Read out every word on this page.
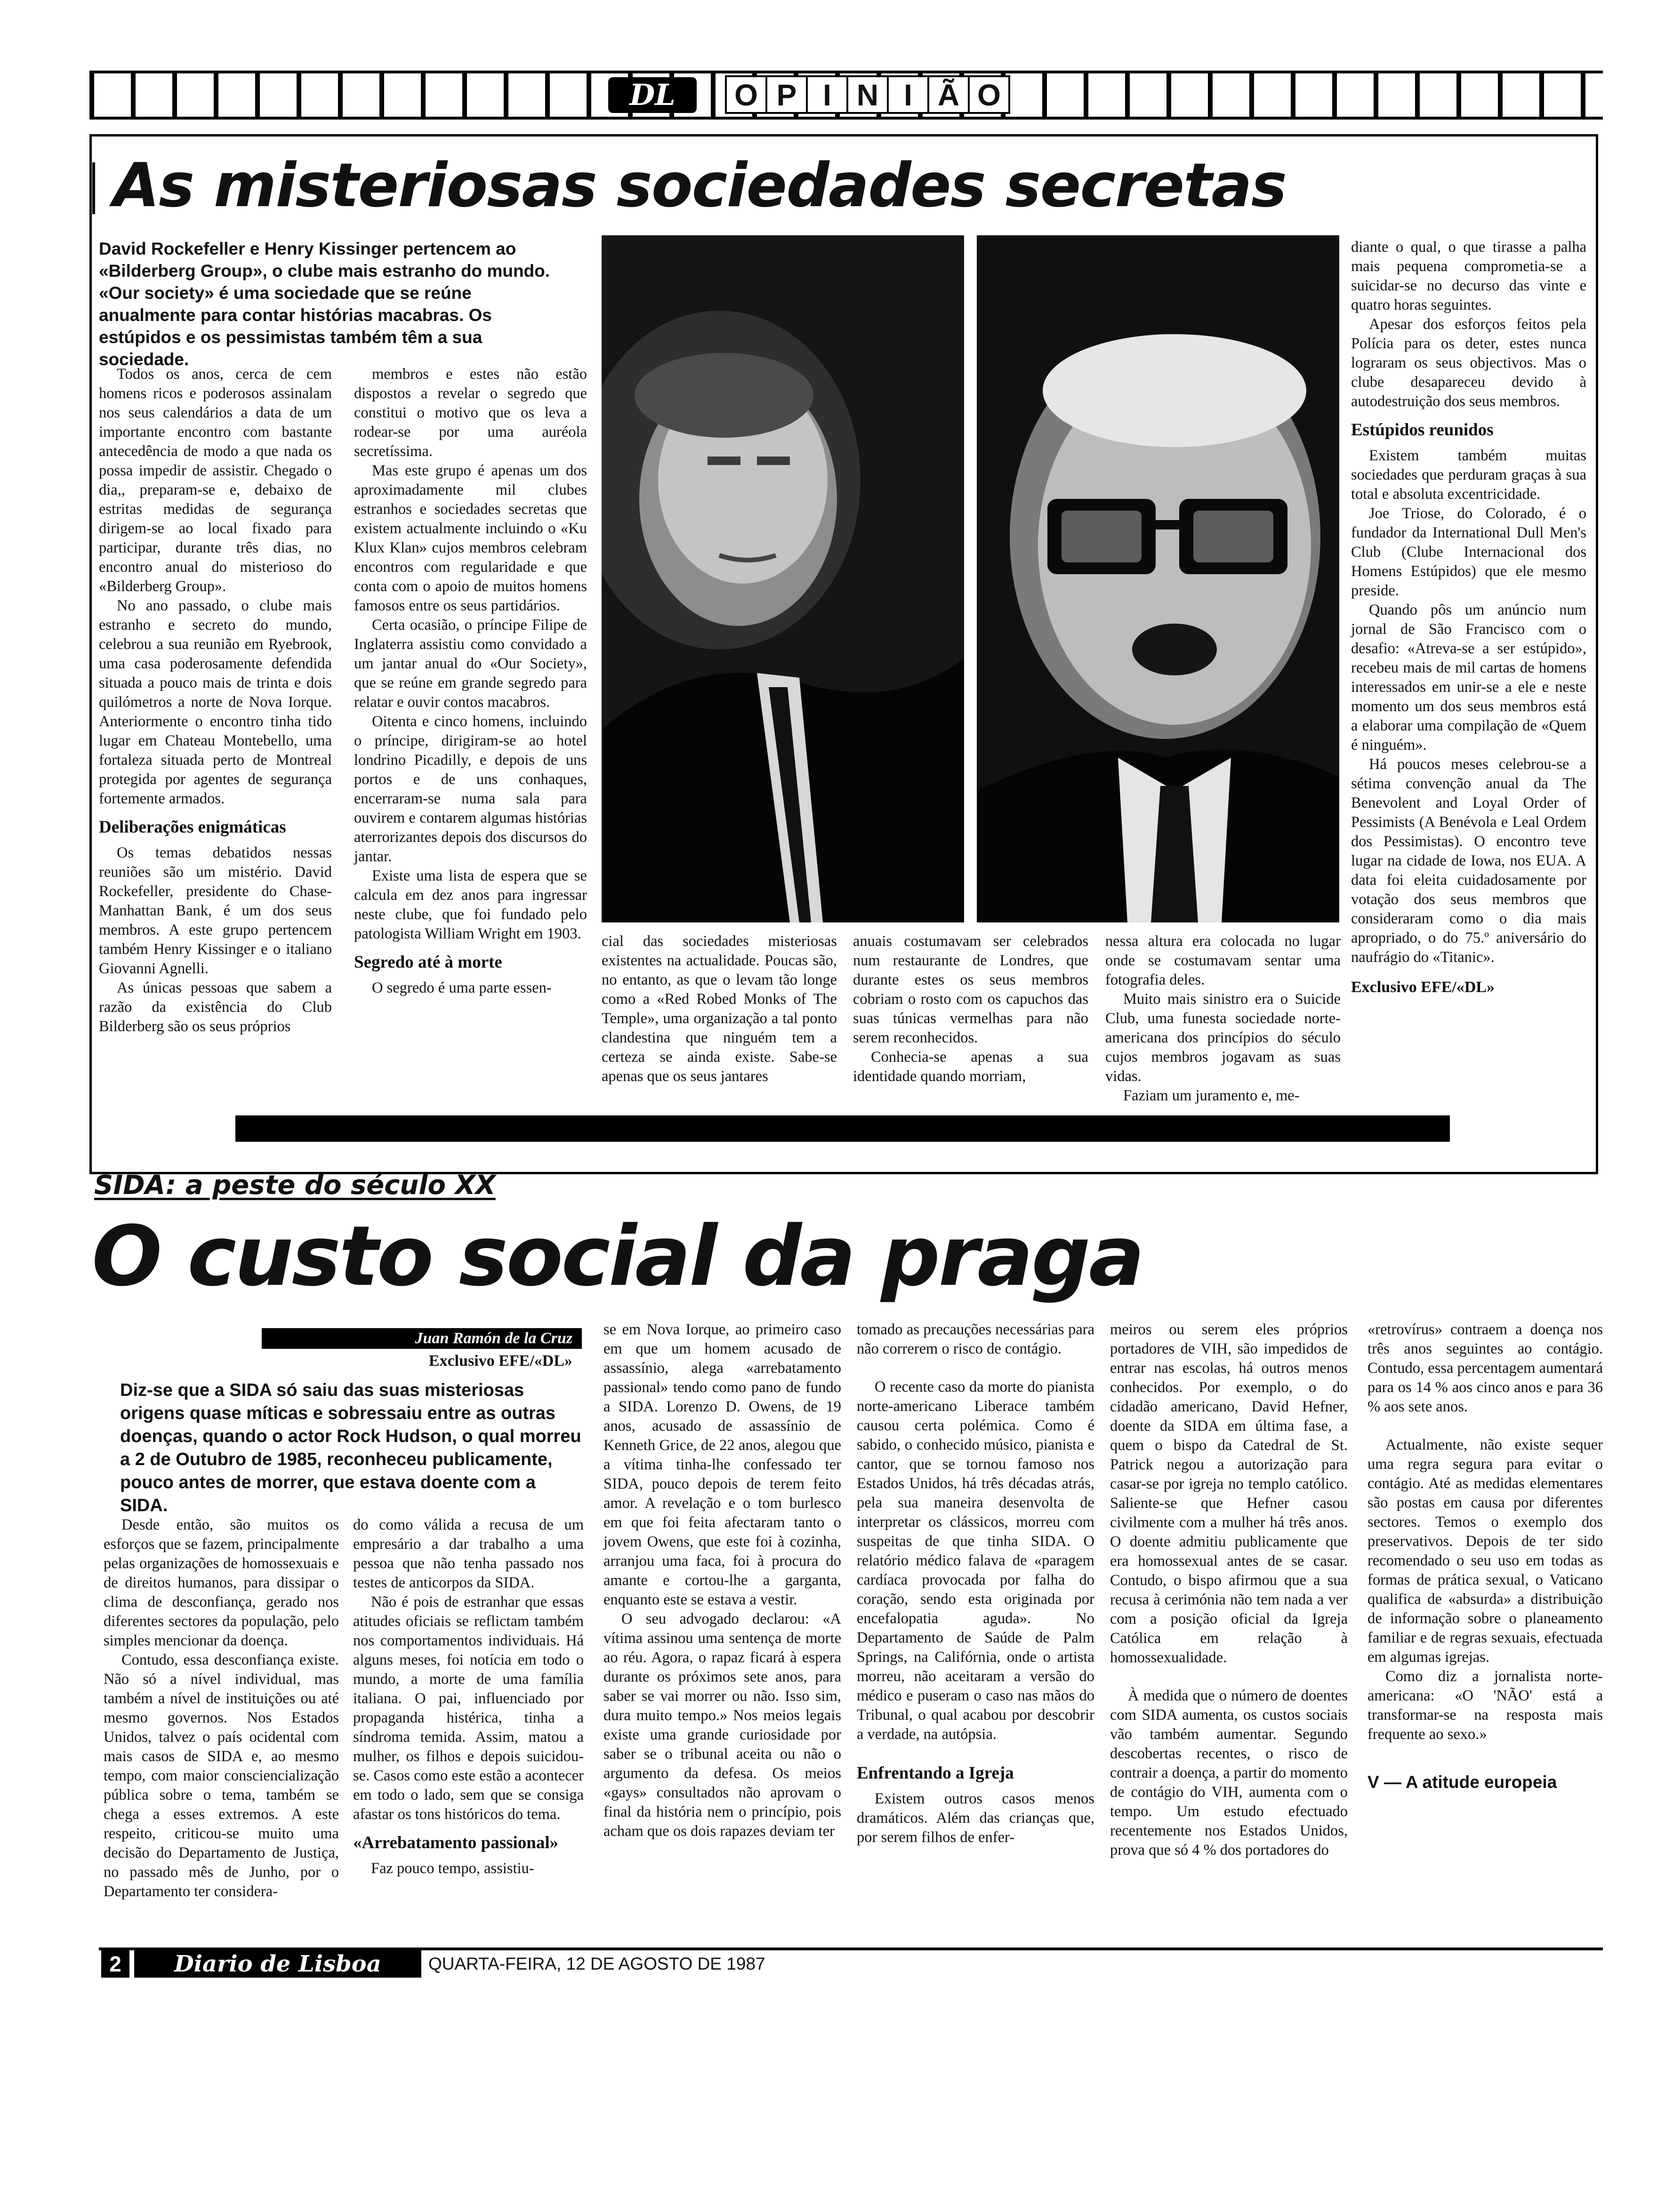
DL	O P I N I Ã O
As misteriosas sociedades secretas
David Rockefeller e Henry Kissinger pertencem ao «Bilderberg Group», o clube mais estranho do mundo. «Our society» é uma sociedade que se reúne anualmente para contar histórias macabras. Os estúpidos e os pessimistas também têm a sua sociedade.

Todos os anos, cerca de cem homens ricos e poderosos assinalam nos seus calendários a data de um importante encontro com bastante antecedência de modo a que nada os possa impedir de assistir. Chegado o dia,, preparam-se e, debaixo de estritas medidas de segurança dirigem-se ao local fixado para participar, durante três dias, no encontro anual do misterioso do «Bilderberg Group».

No ano passado, o clube mais estranho e secreto do mundo, celebrou a sua reunião em Ryebrook, uma casa poderosamente defendida situada a pouco mais de trinta e dois quilómetros a norte de Nova Iorque. Anteriormente o encontro tinha tido lugar em Chateau Montebello, uma fortaleza situada perto de Montreal protegida por agentes de segurança fortemente armados.

Deliberações enigmáticas

Os temas debatidos nessas reuniões são um mistério. David Rockefeller, presidente do Chase-Manhattan Bank, é um dos seus membros. A este grupo pertencem também Henry Kissinger e o italiano Giovanni Agnelli.

As únicas pessoas que sabem a razão da existência do Club Bilderberg são os seus próprios

membros e estes não estão dispostos a revelar o segredo que constitui o motivo que os leva a rodear-se por uma auréola secretíssima.

Mas este grupo é apenas um dos aproximadamente mil clubes estranhos e sociedades secretas que existem actualmente incluindo o «Ku Klux Klan» cujos membros celebram encontros com regularidade e que conta com o apoio de muitos homens famosos entre os seus partidários.

Certa ocasião, o príncipe Filipe de Inglaterra assistiu como convidado a um jantar anual do «Our Society», que se reúne em grande segredo para relatar e ouvir contos macabros.

Oitenta e cinco homens, incluindo o príncipe, dirigiram-se ao hotel londrino Picadilly, e depois de uns portos e de uns conhaques, encerraram-se numa sala para ouvirem e contarem algumas histórias aterrorizantes depois dos discursos do jantar.

Existe uma lista de espera que se calcula em dez anos para ingressar neste clube, que foi fundado pelo patologista William Wright em 1903.

Segredo até à morte

O segredo é uma parte essen-

cial das sociedades misteriosas existentes na actualidade. Poucas são, no entanto, as que o levam tão longe como a «Red Robed Monks of The Temple», uma organização a tal ponto clandestina que ninguém tem a certeza se ainda existe. Sabe-se apenas que os seus jantares

anuais costumavam ser celebrados num restaurante de Londres, que durante estes os seus membros cobriam o rosto com os capuchos das suas túnicas vermelhas para não serem reconhecidos.

Conhecia-se apenas a sua identidade quando morriam,

nessa altura era colocada no lugar onde se costumavam sentar uma fotografia deles.

Muito mais sinistro era o Suicide Club, uma funesta sociedade norte-americana dos princípios do século cujos membros jogavam as suas vidas.

Faziam um juramento e, me-

diante o qual, o que tirasse a palha mais pequena comprometia-se a suicidar-se no decurso das vinte e quatro horas seguintes.

Apesar dos esforços feitos pela Polícia para os deter, estes nunca lograram os seus objectivos. Mas o clube desapareceu devido à autodestruição dos seus membros.

Estúpidos reunidos

Existem também muitas sociedades que perduram graças à sua total e absoluta excentricidade.

Joe Triose, do Colorado, é o fundador da International Dull Men's Club (Clube Internacional dos Homens Estúpidos) que ele mesmo preside.

Quando pôs um anúncio num jornal de São Francisco com o desafio: «Atreva-se a ser estúpido», recebeu mais de mil cartas de homens interessados em unir-se a ele e neste momento um dos seus membros está a elaborar uma compilação de «Quem é ninguém».

Há poucos meses celebrou-se a sétima convenção anual da The Benevolent and Loyal Order of Pessimists (A Benévola e Leal Ordem dos Pessimistas). O encontro teve lugar na cidade de Iowa, nos EUA. A data foi eleita cuidadosamente por votação dos seus membros que consideraram como o dia mais apropriado, o do 75.º aniversário do naufrágio do «Titanic».

Exclusivo EFE/«DL»
SIDA: a peste do século XX
O custo social da praga
Juan Ramón de la Cruz
Exclusivo EFE/«DL»
Diz-se que a SIDA só saiu das suas misteriosas origens quase míticas e sobressaiu entre as outras doenças, quando o actor Rock Hudson, o qual morreu a 2 de Outubro de 1985, reconheceu publicamente, pouco antes de morrer, que estava doente com a SIDA.

Desde então, são muitos os esforços que se fazem, principalmente pelas organizações de homossexuais e de direitos humanos, para dissipar o clima de desconfiança, gerado nos diferentes sectores da população, pelo simples mencionar da doença.

Contudo, essa desconfiança existe. Não só a nível individual, mas também a nível de instituições ou até mesmo governos. Nos Estados Unidos, talvez o país ocidental com mais casos de SIDA e, ao mesmo tempo, com maior consciencialização pública sobre o tema, também se chega a esses extremos. A este respeito, criticou-se muito uma decisão do Departamento de Justiça, no passado mês de Junho, por o Departamento ter considera-

do como válida a recusa de um empresário a dar trabalho a uma pessoa que não tenha passado nos testes de anticorpos da SIDA.

Não é pois de estranhar que essas atitudes oficiais se reflictam também nos comportamentos individuais. Há alguns meses, foi notícia em todo o mundo, a morte de uma família italiana. O pai, influenciado por propaganda histérica, tinha a síndroma temida. Assim, matou a mulher, os filhos e depois suicidou-se. Casos como este estão a acontecer em todo o lado, sem que se consiga afastar os tons históricos do tema.

«Arrebatamento passional»

Faz pouco tempo, assistiu-

se em Nova Iorque, ao primeiro caso em que um homem acusado de assassínio, alega «arrebatamento passional» tendo como pano de fundo a SIDA. Lorenzo D. Owens, de 19 anos, acusado de assassínio de Kenneth Grice, de 22 anos, alegou que a vítima tinha-lhe confessado ter SIDA, pouco depois de terem feito amor. A revelação e o tom burlesco em que foi feita afectaram tanto o jovem Owens, que este foi à cozinha, arranjou uma faca, foi à procura do amante e cortou-lhe a garganta, enquanto este se estava a vestir.

O seu advogado declarou: «A vítima assinou uma sentença de morte ao réu. Agora, o rapaz ficará à espera durante os próximos sete anos, para saber se vai morrer ou não. Isso sim, dura muito tempo.» Nos meios legais existe uma grande curiosidade por saber se o tribunal aceita ou não o argumento da defesa. Os meios «gays» consultados não aprovam o final da história nem o princípio, pois acham que os dois rapazes deviam ter

tomado as precauções necessárias para não correrem o risco de contágio.

O recente caso da morte do pianista norte-americano Liberace também causou certa polémica. Como é sabido, o conhecido músico, pianista e cantor, que se tornou famoso nos Estados Unidos, há três décadas atrás, pela sua maneira desenvolta de interpretar os clássicos, morreu com suspeitas de que tinha SIDA. O relatório médico falava de «paragem cardíaca provocada por falha do coração, sendo esta originada por encefalopatia aguda». No Departamento de Saúde de Palm Springs, na Califórnia, onde o artista morreu, não aceitaram a versão do médico e puseram o caso nas mãos do Tribunal, o qual acabou por descobrir a verdade, na autópsia.

Enfrentando a Igreja

Existem outros casos menos dramáticos. Além das crianças que, por serem filhos de enfer-

meiros ou serem eles próprios portadores de VIH, são impedidos de entrar nas escolas, há outros menos conhecidos. Por exemplo, o do cidadão americano, David Hefner, doente da SIDA em última fase, a quem o bispo da Catedral de St. Patrick negou a autorização para casar-se por igreja no templo católico. Saliente-se que Hefner casou civilmente com a mulher há três anos. O doente admitiu publicamente que era homossexual antes de se casar. Contudo, o bispo afirmou que a sua recusa à cerimónia não tem nada a ver com a posição oficial da Igreja Católica em relação à homossexualidade.

À medida que o número de doentes com SIDA aumenta, os custos sociais vão também aumentar. Segundo descobertas recentes, o risco de contrair a doença, a partir do momento de contágio do VIH, aumenta com o tempo. Um estudo efectuado recentemente nos Estados Unidos, prova que só 4 % dos portadores do

«retrovírus» contraem a doença nos três anos seguintes ao contágio. Contudo, essa percentagem aumentará para os 14 % aos cinco anos e para 36 % aos sete anos.

Actualmente, não existe sequer uma regra segura para evitar o contágio. Até as medidas elementares são postas em causa por diferentes sectores. Temos o exemplo dos preservativos. Depois de ter sido recomendado o seu uso em todas as formas de prática sexual, o Vaticano qualifica de «absurda» a distribuição de informação sobre o planeamento familiar e de regras sexuais, efectuada em algumas igrejas.

Como diz a jornalista norte-americana: «O 'NÃO' está a transformar-se na resposta mais frequente ao sexo.»

V — A atitude europeia
2	Diario de Lisboa	QUARTA-FEIRA, 12 DE AGOSTO DE 1987
